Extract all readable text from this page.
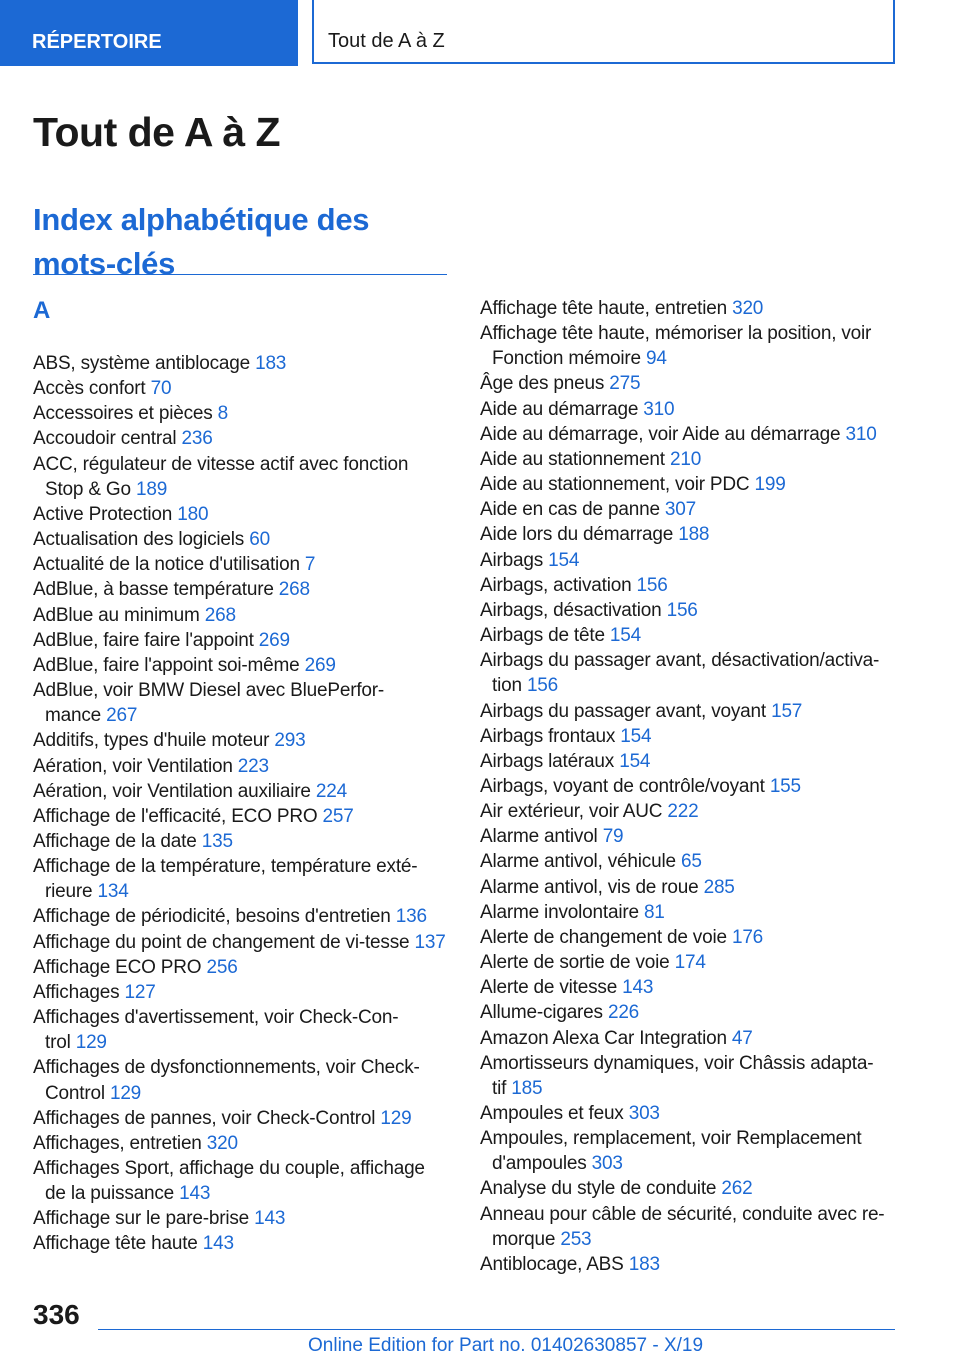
RÉPERTOIRE	Tout de A à Z
Tout de A à Z
Index alphabétique des mots-clés
A
ABS, système antiblocage 183
Accès confort 70
Accessoires et pièces 8
Accoudoir central 236
ACC, régulateur de vitesse actif avec fonction Stop & Go 189
Active Protection 180
Actualisation des logiciels 60
Actualité de la notice d'utilisation 7
AdBlue, à basse température 268
AdBlue au minimum 268
AdBlue, faire faire l'appoint 269
AdBlue, faire l'appoint soi-même 269
AdBlue, voir BMW Diesel avec BluePerfor-mance 267
Additifs, types d'huile moteur 293
Aération, voir Ventilation 223
Aération, voir Ventilation auxiliaire 224
Affichage de l'efficacité, ECO PRO 257
Affichage de la date 135
Affichage de la température, température exté-rieure 134
Affichage de périodicité, besoins d'entretien 136
Affichage du point de changement de vi-tesse 137
Affichage ECO PRO 256
Affichages 127
Affichages d'avertissement, voir Check-Con-trol 129
Affichages de dysfonctionnements, voir Check-Control 129
Affichages de pannes, voir Check-Control 129
Affichages, entretien 320
Affichages Sport, affichage du couple, affichage de la puissance 143
Affichage sur le pare-brise 143
Affichage tête haute 143
Affichage tête haute, entretien 320
Affichage tête haute, mémoriser la position, voir Fonction mémoire 94
Âge des pneus 275
Aide au démarrage 310
Aide au démarrage, voir Aide au démarrage 310
Aide au stationnement 210
Aide au stationnement, voir PDC 199
Aide en cas de panne 307
Aide lors du démarrage 188
Airbags 154
Airbags, activation 156
Airbags, désactivation 156
Airbags de tête 154
Airbags du passager avant, désactivation/activa-tion 156
Airbags du passager avant, voyant 157
Airbags frontaux 154
Airbags latéraux 154
Airbags, voyant de contrôle/voyant 155
Air extérieur, voir AUC 222
Alarme antivol 79
Alarme antivol, véhicule 65
Alarme antivol, vis de roue 285
Alarme involontaire 81
Alerte de changement de voie 176
Alerte de sortie de voie 174
Alerte de vitesse 143
Allume-cigares 226
Amazon Alexa Car Integration 47
Amortisseurs dynamiques, voir Châssis adapta-tif 185
Ampoules et feux 303
Ampoules, remplacement, voir Remplacement d'ampoules 303
Analyse du style de conduite 262
Anneau pour câble de sécurité, conduite avec re-morque 253
Antiblocage, ABS 183
336
Online Edition for Part no. 01402630857 - X/19
